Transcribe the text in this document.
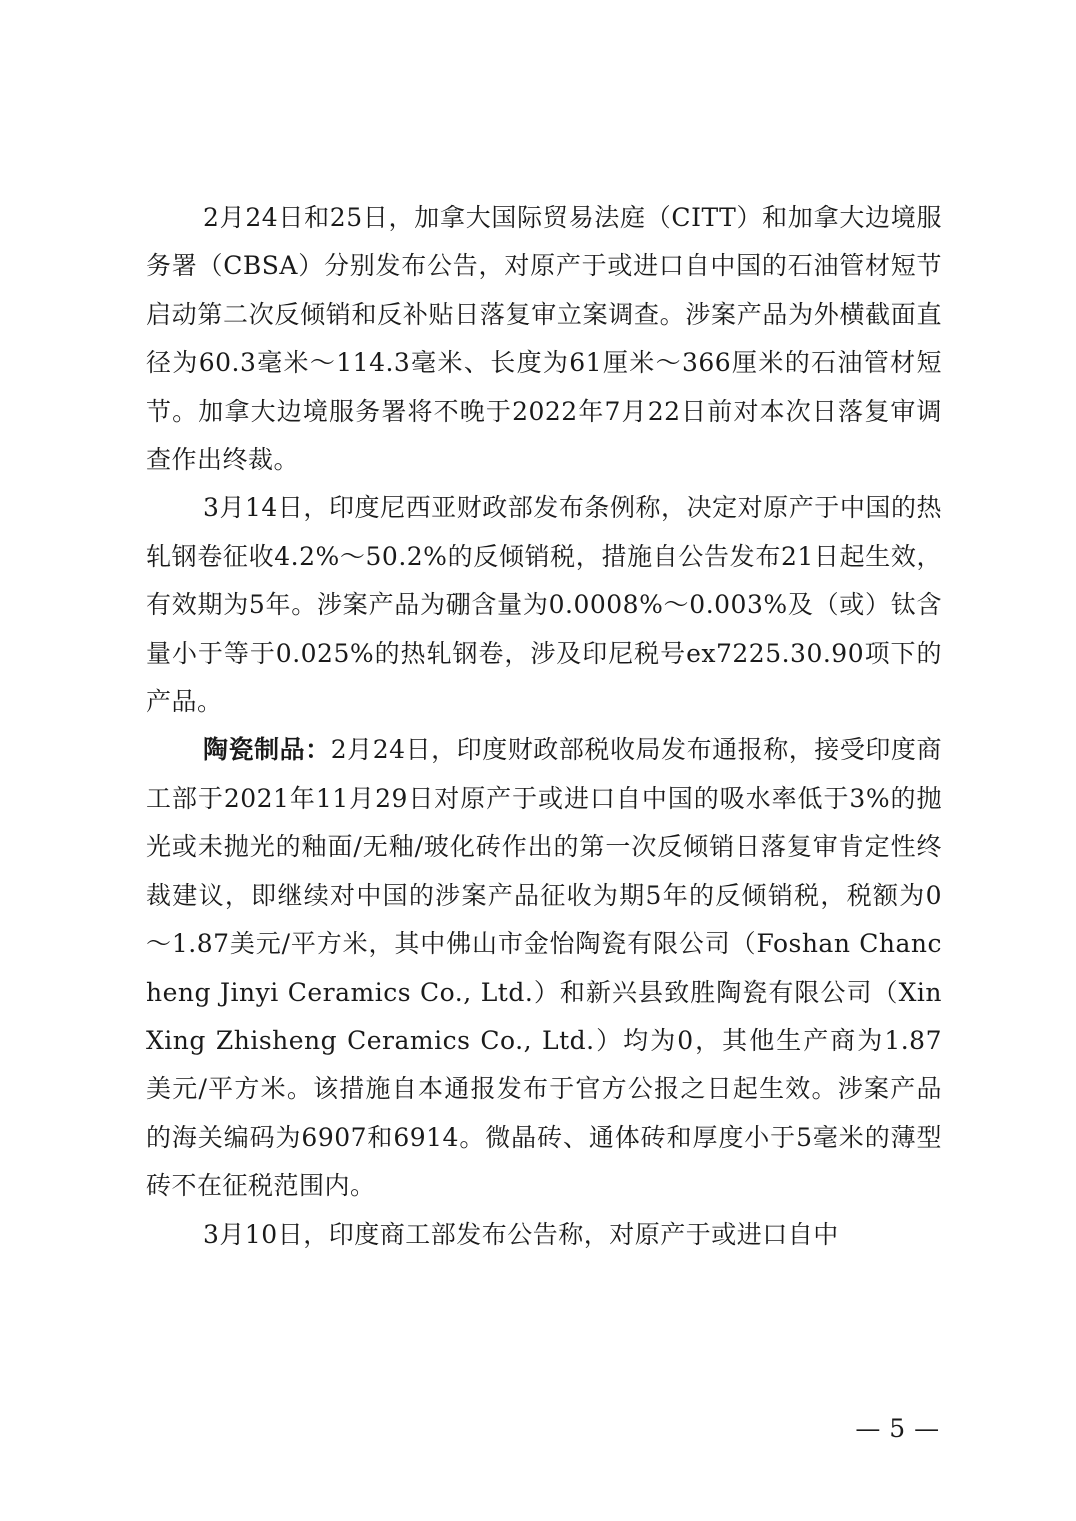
2月24日和25日，加拿大国际贸易法庭（CITT）和加拿大边境服务署（CBSA）分别发布公告，对原产于或进口自中国的石油管材短节启动第二次反倾销和反补贴日落复审立案调查。涉案产品为外横截面直径为60.3毫米～114.3毫米、长度为61厘米～366厘米的石油管材短节。加拿大边境服务署将不晚于2022年7月22日前对本次日落复审调查作出终裁。

3月14日，印度尼西亚财政部发布条例称，决定对原产于中国的热轧钢卷征收4.2%～50.2%的反倾销税，措施自公告发布21日起生效，有效期为5年。涉案产品为硼含量为0.0008%～0.003%及（或）钛含量小于等于0.025%的热轧钢卷，涉及印尼税号ex7225.30.90项下的产品。

陶瓷制品：2月24日，印度财政部税收局发布通报称，接受印度商工部于2021年11月29日对原产于或进口自中国的吸水率低于3%的抛光或未抛光的釉面/无釉/玻化砖作出的第一次反倾销日落复审肯定性终裁建议，即继续对中国的涉案产品征收为期5年的反倾销税，税额为0～1.87美元/平方米，其中佛山市金怡陶瓷有限公司（Foshan Chancheng Jinyi Ceramics Co., Ltd.）和新兴县致胜陶瓷有限公司（Xin Xing Zhisheng Ceramics Co., Ltd.）均为0，其他生产商为1.87美元/平方米。该措施自本通报发布于官方公报之日起生效。涉案产品的海关编码为6907和6914。微晶砖、通体砖和厚度小于5毫米的薄型砖不在征税范围内。

3月10日，印度商工部发布公告称，对原产于或进口自中

— 5 —
